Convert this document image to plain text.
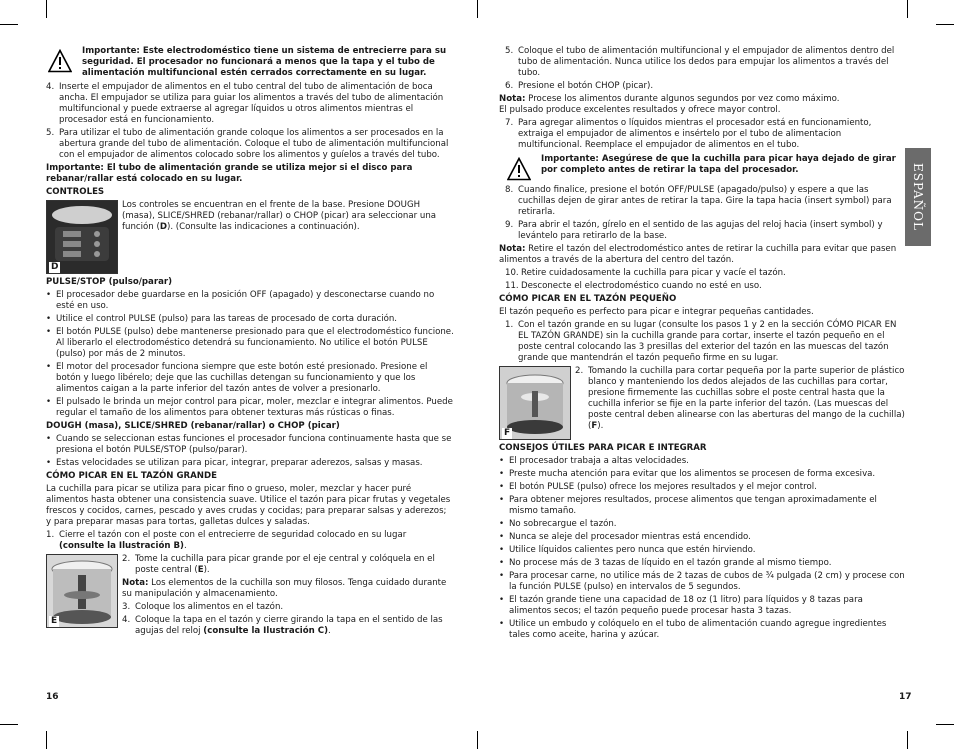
Importante: Este electrodoméstico tiene un sistema de entrecierre para su seguridad. El procesador no funcionará a menos que la tapa y el tubo de alimentación multifuncional estén cerrados correctamente en su lugar.
4. Inserte el empujador de alimentos en el tubo central del tubo de alimentación de boca ancha. El empujador se utiliza para guiar los alimentos a través del tubo de alimentación multifuncional y puede extraerse al agregar líquidos u otros alimentos mientras el procesador está en funcionamiento.
5. Para utilizar el tubo de alimentación grande coloque los alimentos a ser procesados en la abertura grande del tubo de alimentación. Coloque el tubo de alimentación multifuncional con el empujador de alimentos colocado sobre los alimentos y guíelos a través del tubo.

Importante: El tubo de alimentación grande se utiliza mejor si el disco para rebanar/rallar está colocado en su lugar.

CONTROLES

D
Los controles se encuentran en el frente de la base. Presione DOUGH (masa), SLICE/SHRED (rebanar/rallar) o CHOP (picar) ara seleccionar una función (D). (Consulte las indicaciones a continuación).

PULSE/STOP (pulso/parar)

• El procesador debe guardarse en la posición OFF (apagado) y desconectarse cuando no esté en uso.
• Utilice el control PULSE (pulso) para las tareas de procesado de corta duración.
• El botón PULSE (pulso) debe mantenerse presionado para que el electrodoméstico funcione. Al liberarlo el electrodoméstico detendrá su funcionamiento. No utilice el botón PULSE (pulso) por más de 2 minutos.
• El motor del procesador funciona siempre que este botón esté presionado. Presione el botón y luego libérelo; deje que las cuchillas detengan su funcionamiento y que los alimentos caigan a la parte inferior del tazón antes de volver a presionarlo.
• El pulsado le brinda un mejor control para picar, moler, mezclar e integrar alimentos. Puede regular el tamaño de los alimentos para obtener texturas más rústicas o finas.

DOUGH (masa), SLICE/SHRED (rebanar/rallar) o CHOP (picar)

• Cuando se seleccionan estas funciones el procesador funciona continuamente hasta que se presiona el botón PULSE/STOP (pulso/parar).
• Estas velocidades se utilizan para picar, integrar, preparar aderezos, salsas y masas.

CÓMO PICAR EN EL TAZÓN GRANDE

La cuchilla para picar se utiliza para picar fino o grueso, moler, mezclar y hacer puré alimentos hasta obtener una consistencia suave. Utilice el tazón para picar frutas y vegetales frescos y cocidos, carnes, pescado y aves crudas y cocidas; para preparar salsas y aderezos; y para preparar masas para tortas, galletas dulces y saladas.

1. Cierre el tazón con el poste con el entrecierre de seguridad colocado en su lugar (consulte la Ilustración B).
E
2. Tome la cuchilla para picar grande por el eje central y colóquela en el poste central (E).

Nota: Los elementos de la cuchilla son muy filosos. Tenga cuidado durante su manipulación y almacenamiento.

3. Coloque los alimentos en el tazón.
4. Coloque la tapa en el tazón y cierre girando la tapa en el sentido de las agujas del reloj (consulte la Ilustración C).
16
5. Coloque el tubo de alimentación multifuncional y el empujador de alimentos dentro del tubo de alimentación. Nunca utilice los dedos para empujar los alimentos a través del tubo.
6. Presione el botón CHOP (picar).

Nota: Procese los alimentos durante algunos segundos por vez como máximo.
El pulsado produce excelentes resultados y ofrece mayor control.

7. Para agregar alimentos o líquidos mientras el procesador está en funcionamiento, extraiga el empujador de alimentos e insértelo por el tubo de alimentacion multifuncional. Reemplace el empujador de alimentos en el tubo.
Importante: Asegúrese de que la cuchilla para picar haya dejado de girar por completo antes de retirar la tapa del procesador.
8. Cuando finalice, presione el botón OFF/PULSE (apagado/pulso) y espere a que las cuchillas dejen de girar antes de retirar la tapa. Gire la tapa hacia (insert symbol) para retirarla.
9. Para abrir el tazón, gírelo en el sentido de las agujas del reloj hacia (insert symbol) y levántelo para retirarlo de la base.

Nota: Retire el tazón del electrodoméstico antes de retirar la cuchilla para evitar que pasen alimentos a través de la abertura del centro del tazón.

10. Retire cuidadosamente la cuchilla para picar y vacíe el tazón.
11. Desconecte el electrodoméstico cuando no esté en uso.

CÓMO PICAR EN EL TAZÓN PEQUEÑO

El tazón pequeño es perfecto para picar e integrar pequeñas cantidades.

1. Con el tazón grande en su lugar (consulte los pasos 1 y 2 en la sección CÓMO PICAR EN EL TAZÓN GRANDE) sin la cuchilla grande para cortar, inserte el tazón pequeño en el poste central colocando las 3 presillas del exterior del tazón en las muescas del tazón grande que mantendrán el tazón pequeño firme en su lugar.
F
2. Tomando la cuchilla para cortar pequeña por la parte superior de plástico blanco y manteniendo los dedos alejados de las cuchillas para cortar, presione firmemente las cuchillas sobre el poste central hasta que la cuchilla inferior se fije en la parte inferior del tazón. (Las muescas del poste central deben alinearse con las aberturas del mango de la cuchilla) (F).

CONSEJOS ÚTILES PARA PICAR E INTEGRAR

• El procesador trabaja a altas velocidades.
• Preste mucha atención para evitar que los alimentos se procesen de forma excesiva.
• El botón PULSE (pulso) ofrece los mejores resultados y el mejor control.
• Para obtener mejores resultados, procese alimentos que tengan aproximadamente el mismo tamaño.
• No sobrecargue el tazón.
• Nunca se aleje del procesador mientras está encendido.
• Utilice líquidos calientes pero nunca que estén hirviendo.
• No procese más de 3 tazas de líquido en el tazón grande al mismo tiempo.
• Para procesar carne, no utilice más de 2 tazas de cubos de ¾ pulgada (2 cm) y procese con la función PULSE (pulso) en intervalos de 5 segundos.
• El tazón grande tiene una capacidad de 18 oz (1 litro) para líquidos y 8 tazas para alimentos secos; el tazón pequeño puede procesar hasta 3 tazas.
• Utilice un embudo y colóquelo en el tubo de alimentación cuando agregue ingredientes tales como aceite, harina y azúcar.
ESPAÑOL
17
